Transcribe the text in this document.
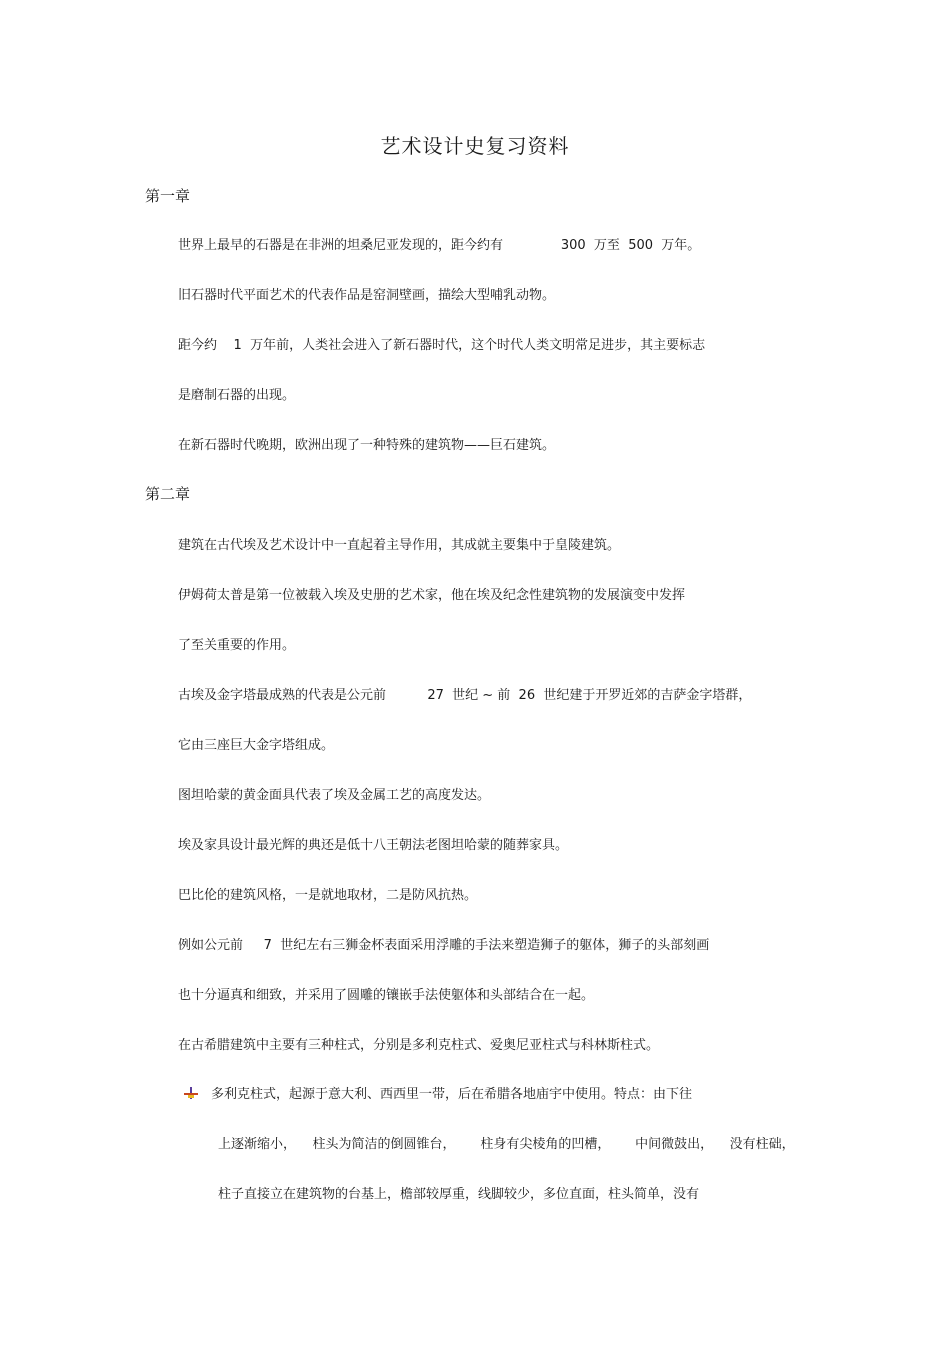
艺术设计史复习资料
第一章
世界上最早的石器是在非洲的坦桑尼亚发现的，距今约有              300  万至  500  万年。
旧石器时代平面艺术的代表作品是窑洞壁画，描绘大型哺乳动物。
距今约    1  万年前，人类社会进入了新石器时代，这个时代人类文明常足进步，其主要标志
是磨制石器的出现。
在新石器时代晚期，欧洲出现了一种特殊的建筑物——巨石建筑。
第二章
建筑在古代埃及艺术设计中一直起着主导作用，其成就主要集中于皇陵建筑。
伊姆荷太普是第一位被载入埃及史册的艺术家，他在埃及纪念性建筑物的发展演变中发挥
了至关重要的作用。
古埃及金字塔最成熟的代表是公元前          27  世纪 ~ 前  26  世纪建于开罗近郊的吉萨金字塔群，
它由三座巨大金字塔组成。
图坦哈蒙的黄金面具代表了埃及金属工艺的高度发达。
埃及家具设计最光辉的典还是低十八王朝法老图坦哈蒙的随葬家具。
巴比伦的建筑风格，一是就地取材，二是防风抗热。
例如公元前     7  世纪左右三狮金杯表面采用浮雕的手法来塑造狮子的躯体，狮子的头部刻画
也十分逼真和细致，并采用了圆雕的镶嵌手法使躯体和头部结合在一起。
在古希腊建筑中主要有三种柱式，分别是多利克柱式、爱奥尼亚柱式与科林斯柱式。

多利克柱式，起源于意大利、西西里一带，后在希腊各地庙宇中使用。特点：由下往
上逐渐缩小，    柱头为简洁的倒圆锥台，      柱身有尖棱角的凹槽，      中间微鼓出，    没有柱础，
柱子直接立在建筑物的台基上，檐部较厚重，线脚较少，多位直面，柱头简单，没有
